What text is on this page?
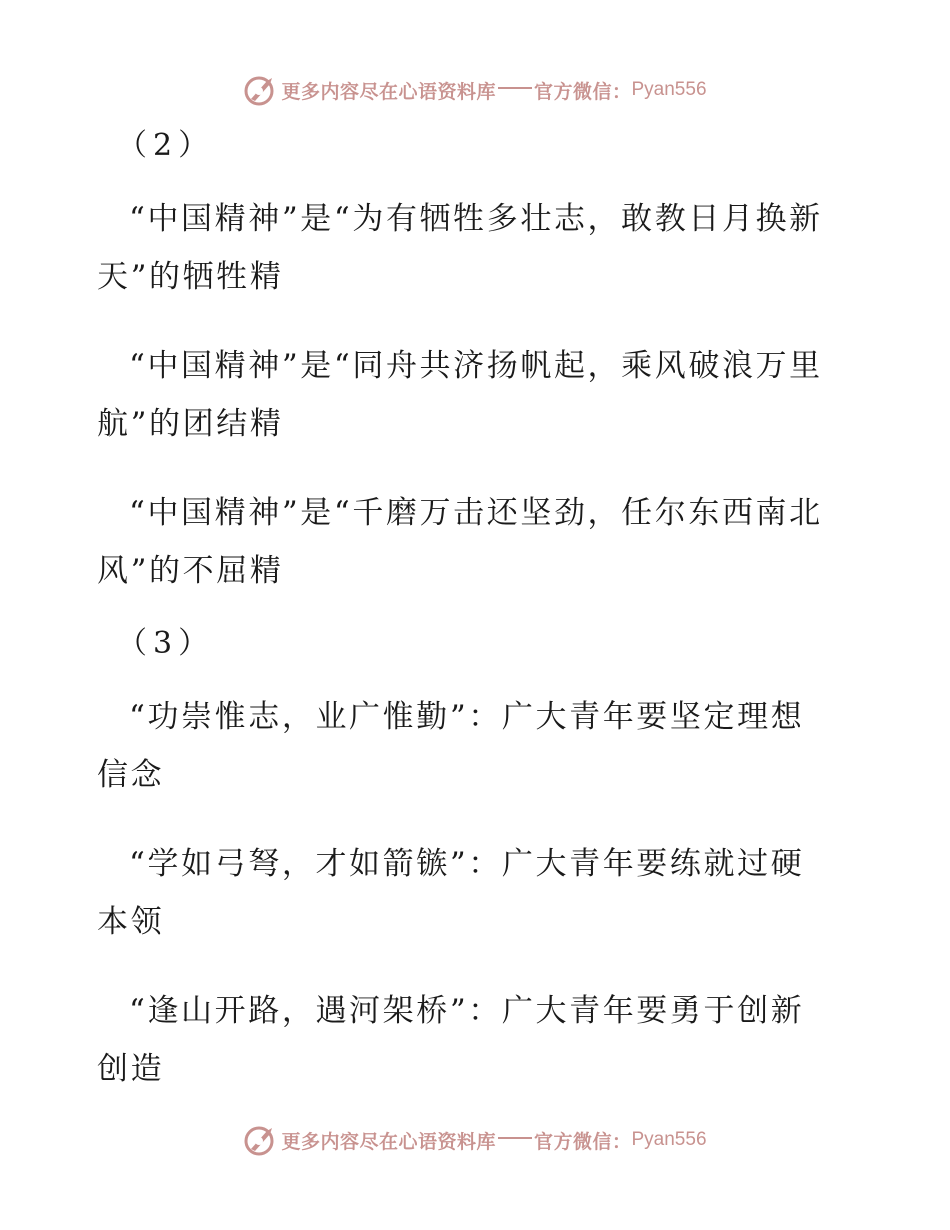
更多内容尽在心语资料库 官方微信： Pyan556
（2）

“中国精神”是“为有牺牲多壮志，敢教日月换新天”的牺牲精

“中国精神”是“同舟共济扬帆起，乘风破浪万里航”的团结精

“中国精神”是“千磨万击还坚劲，任尔东西南北风”的不屈精

（3）

“功崇惟志，业广惟勤”：广大青年要坚定理想信念

“学如弓弩，才如箭镞”：广大青年要练就过硬本领

“逢山开路，遇河架桥”：广大青年要勇于创新创造

更多内容尽在心语资料库 官方微信： Pyan556
